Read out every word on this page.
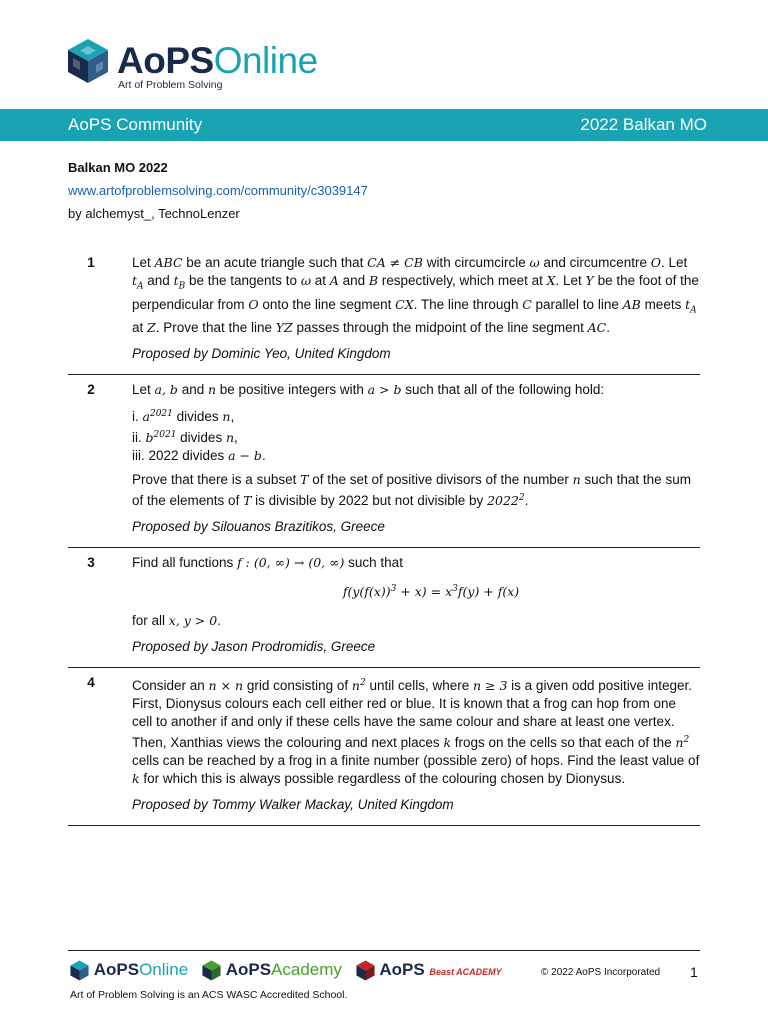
AoPSOnline
Art of Problem Solving
AoPS Community	2022 Balkan MO
Balkan MO 2022
www.artofproblemsolving.com/community/c3039147
by alchemyst_, TechnoLenzer
1	Let ABC be an acute triangle such that CA ≠ CB with circumcircle ω and circumcentre O. Let $t_A$ and $t_B$ be the tangents to ω at A and B respectively, which meet at X. Let Y be the foot of the perpendicular from O onto the line segment CX. The line through C parallel to line AB meets $t_A$ at Z. Prove that the line YZ passes through the midpoint of the line segment AC.

Proposed by Dominic Yeo, United Kingdom

2	Let a, b and n be positive integers with a > b such that all of the following hold:

i. $a^{2021}$ divides n,
ii. $b^{2021}$ divides n,
iii. 2022 divides a − b.

Prove that there is a subset T of the set of positive divisors of the number n such that the sum of the elements of T is divisible by 2022 but not divisible by 2022$^2$.

Proposed by Silouanos Brazitikos, Greece

3	Find all functions f : (0, ∞) → (0, ∞) such that

$f(y(f(x))^3 + x) = x^3f(y) + f(x)$

for all x, y > 0.

Proposed by Jason Prodromidis, Greece

4	Consider an n × n grid consisting of $n^2$ until cells, where n ≥ 3 is a given odd positive integer. First, Dionysus colours each cell either red or blue. It is known that a frog can hop from one cell to another if and only if these cells have the same colour and share at least one vertex. Then, Xanthias views the colouring and next places k frogs on the cells so that each of the $n^2$ cells can be reached by a frog in a finite number (possible zero) of hops. Find the least value of k for which this is always possible regardless of the colouring chosen by Dionysus.

Proposed by Tommy Walker Mackay, United Kingdom

AoPSOnline AoPSAcademy AoPS Beast ACADEMY	© 2022 AoPS Incorporated 1
Art of Problem Solving is an ACS WASC Accredited School.
